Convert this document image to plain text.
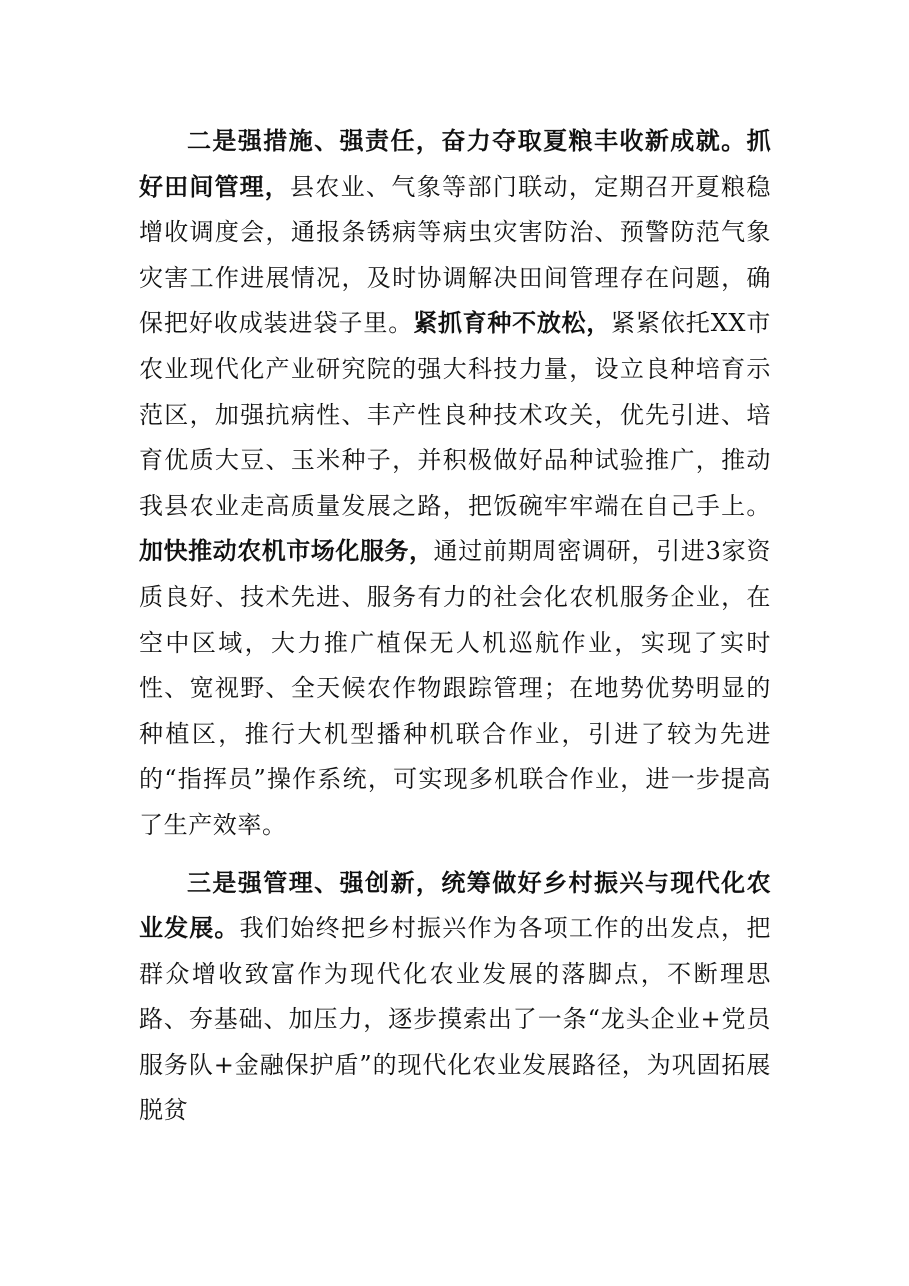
二是强措施、强责任，奋力夺取夏粮丰收新成就。抓好田间管理，县农业、气象等部门联动，定期召开夏粮稳增收调度会，通报条锈病等病虫灾害防治、预警防范气象灾害工作进展情况，及时协调解决田间管理存在问题，确保把好收成装进袋子里。紧抓育种不放松，紧紧依托XX市农业现代化产业研究院的强大科技力量，设立良种培育示范区，加强抗病性、丰产性良种技术攻关，优先引进、培育优质大豆、玉米种子，并积极做好品种试验推广，推动我县农业走高质量发展之路，把饭碗牢牢端在自己手上。加快推动农机市场化服务，通过前期周密调研，引进3家资质良好、技术先进、服务有力的社会化农机服务企业，在空中区域，大力推广植保无人机巡航作业，实现了实时性、宽视野、全天候农作物跟踪管理；在地势优势明显的种植区，推行大机型播种机联合作业，引进了较为先进的“指挥员”操作系统，可实现多机联合作业，进一步提高了生产效率。

三是强管理、强创新，统筹做好乡村振兴与现代化农业发展。我们始终把乡村振兴作为各项工作的出发点，把群众增收致富作为现代化农业发展的落脚点，不断理思路、夯基础、加压力，逐步摸索出了一条“龙头企业+党员服务队+金融保护盾”的现代化农业发展路径，为巩固拓展脱贫
